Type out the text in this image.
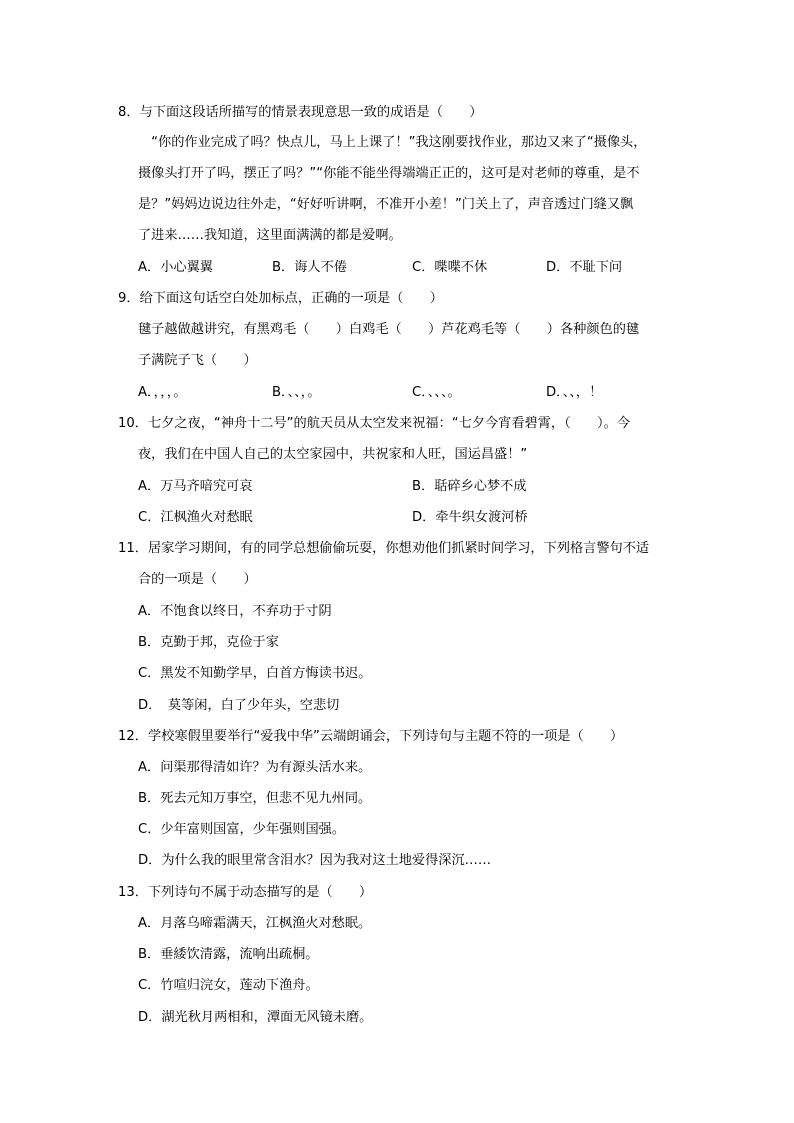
8．与下面这段话所描写的情景表现意思一致的成语是（　　）
　“你的作业完成了吗？快点儿，马上上课了！”我这刚要找作业，那边又来了“摄像头，
摄像头打开了吗，摆正了吗？”“你能不能坐得端端正正的，这可是对老师的尊重，是不
是？”妈妈边说边往外走，“好好听讲啊，不准开小差！”门关上了，声音透过门缝又飘
了进来……我知道，这里面满满的都是爱啊。
A．小心翼翼	B．诲人不倦	C．喋喋不休	D．不耻下问
9．给下面这句话空白处加标点，正确的一项是（　　）
毽子越做越讲究，有黑鸡毛（　　）白鸡毛（　　）芦花鸡毛等（　　）各种颜色的毽
子满院子飞（　　）
A．，，，。	B．、、，。	C．、、、。	D．、、，！
10．七夕之夜，“神舟十二号”的航天员从太空发来祝福：“七夕今宵看碧霄，（　　）。今
夜，我们在中国人自己的太空家园中，共祝家和人旺，国运昌盛！”
A．万马齐喑究可哀	B．聒碎乡心梦不成
C．江枫渔火对愁眠	D．牵牛织女渡河桥
11．居家学习期间，有的同学总想偷偷玩耍，你想劝他们抓紧时间学习，下列格言警句不适
合的一项是（　　）
A．不饱食以终日，不弃功于寸阴
B．克勤于邦，克俭于家
C．黑发不知勤学早，白首方悔读书迟。
D．　莫等闲，白了少年头，空悲切
12．学校寒假里要举行“爱我中华”云端朗诵会，下列诗句与主题不符的一项是（　　）
A．问渠那得清如许？为有源头活水来。
B．死去元知万事空，但悲不见九州同。
C．少年富则国富，少年强则国强。
D．为什么我的眼里常含泪水？因为我对这土地爱得深沉……
13．下列诗句不属于动态描写的是（　　）
A．月落乌啼霜满天，江枫渔火对愁眠。
B．垂緌饮清露，流响出疏桐。
C．竹喧归浣女，莲动下渔舟。
D．湖光秋月两相和，潭面无风镜未磨。
